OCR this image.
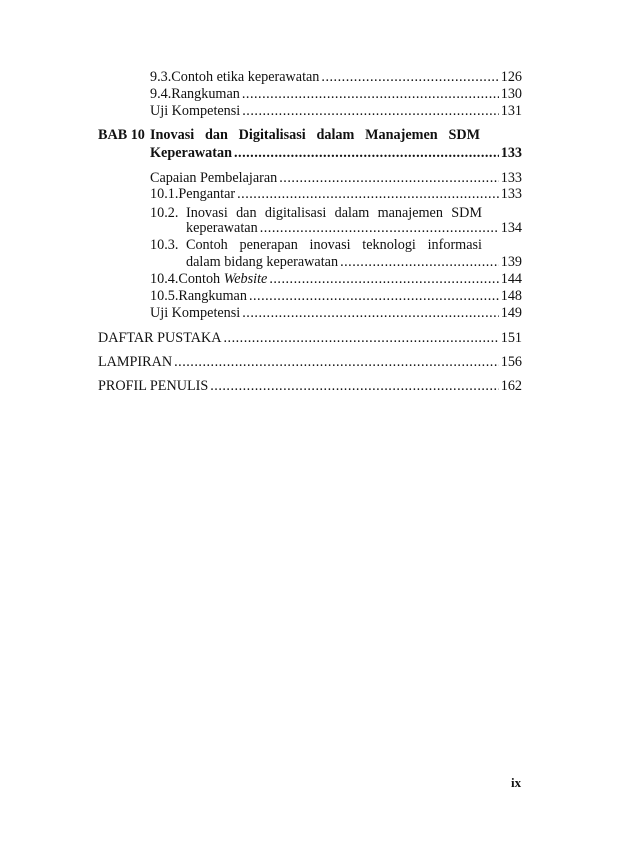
9.3. Contoh etika keperawatan .....	126
9.4. Rangkuman .....	130
Uji Kompetensi .....	131
BAB 10 Inovasi dan Digitalisasi dalam Manajemen SDM
Keperawatan .....	133
Capaian Pembelajaran .....	133
10.1. Pengantar .....	133
10.2. Inovasi dan digitalisasi dalam manajemen SDM
keperawatan .....	134
10.3. Contoh penerapan inovasi teknologi informasi
dalam bidang keperawatan .....	139
10.4. Contoh Website .....	144
10.5. Rangkuman .....	148
Uji Kompetensi .....	149
DAFTAR PUSTAKA .....	151
LAMPIRAN .....	156
PROFIL PENULIS .....	162
ix
